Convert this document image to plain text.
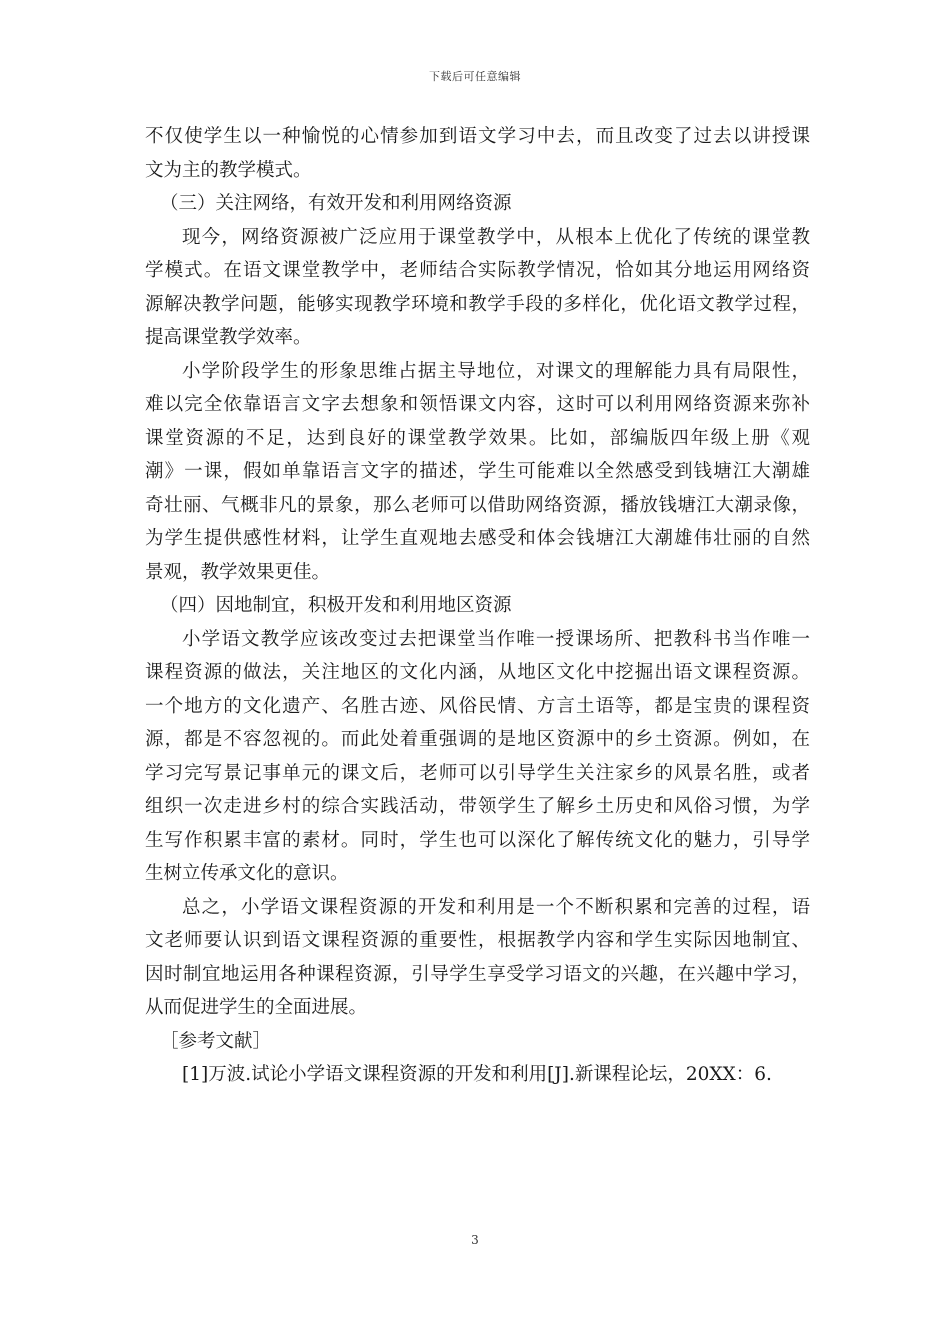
下载后可任意编辑
不仅使学生以一种愉悦的心情参加到语文学习中去，而且改变了过去以讲授课
文为主的教学模式。
（三）关注网络，有效开发和利用网络资源
现今，网络资源被广泛应用于课堂教学中，从根本上优化了传统的课堂教
学模式。在语文课堂教学中，老师结合实际教学情况，恰如其分地运用网络资
源解决教学问题，能够实现教学环境和教学手段的多样化，优化语文教学过程，
提高课堂教学效率。
小学阶段学生的形象思维占据主导地位，对课文的理解能力具有局限性，
难以完全依靠语言文字去想象和领悟课文内容，这时可以利用网络资源来弥补
课堂资源的不足，达到良好的课堂教学效果。比如，部编版四年级上册《观
潮》一课，假如单靠语言文字的描述，学生可能难以全然感受到钱塘江大潮雄
奇壮丽、气概非凡的景象，那么老师可以借助网络资源，播放钱塘江大潮录像，
为学生提供感性材料，让学生直观地去感受和体会钱塘江大潮雄伟壮丽的自然
景观，教学效果更佳。
（四）因地制宜，积极开发和利用地区资源
小学语文教学应该改变过去把课堂当作唯一授课场所、把教科书当作唯一
课程资源的做法，关注地区的文化内涵，从地区文化中挖掘出语文课程资源。
一个地方的文化遗产、名胜古迹、风俗民情、方言土语等，都是宝贵的课程资
源，都是不容忽视的。而此处着重强调的是地区资源中的乡土资源。例如，在
学习完写景记事单元的课文后，老师可以引导学生关注家乡的风景名胜，或者
组织一次走进乡村的综合实践活动，带领学生了解乡土历史和风俗习惯，为学
生写作积累丰富的素材。同时，学生也可以深化了解传统文化的魅力，引导学
生树立传承文化的意识。
总之，小学语文课程资源的开发和利用是一个不断积累和完善的过程，语
文老师要认识到语文课程资源的重要性，根据教学内容和学生实际因地制宜、
因时制宜地运用各种课程资源，引导学生享受学习语文的兴趣，在兴趣中学习，
从而促进学生的全面进展。
［参考文献］
[1]万波.试论小学语文课程资源的开发和利用[J].新课程论坛，20XX：6.
3
